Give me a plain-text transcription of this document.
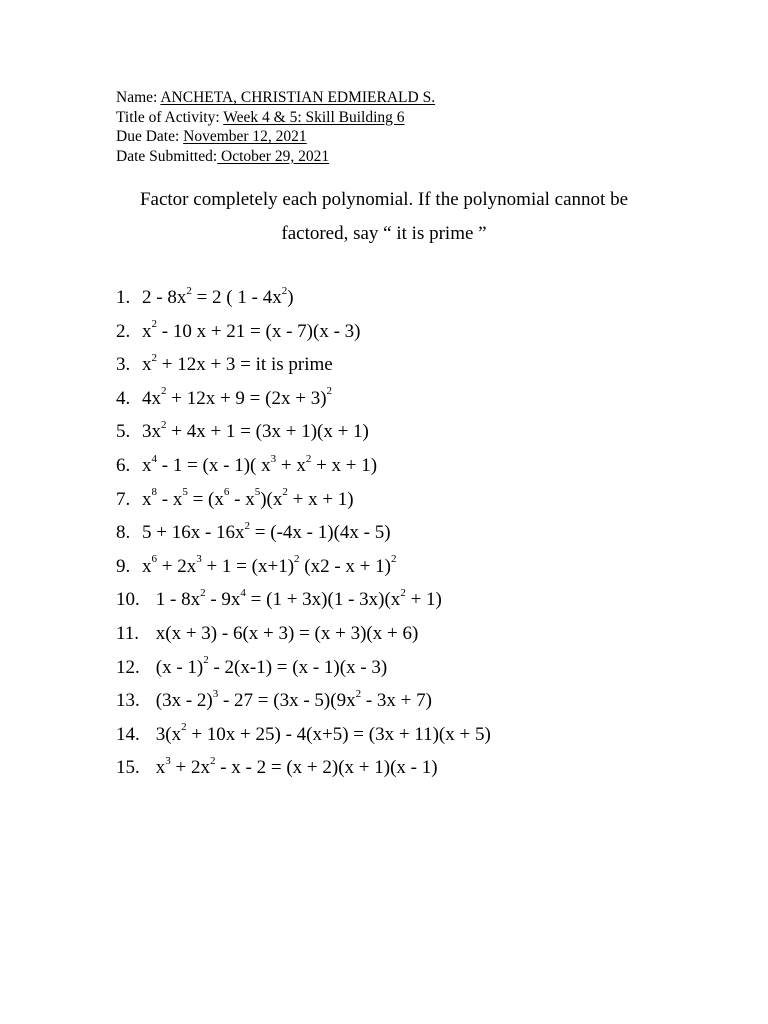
Name: ANCHETA, CHRISTIAN EDMIERALD S.
Title of Activity: Week 4 & 5: Skill Building 6
Due Date: November 12, 2021
Date Submitted: October 29, 2021
Factor completely each polynomial. If the polynomial cannot be
factored, say “ it is prime ”
1. $2 - 8x^2 = 2$ ( $1 - 4x^2$)
2. $x^2 - 10$ x + 21 = (x - 7)(x - 3)
3. $x^2 + 12x + 3$ = it is prime
4. $4x^2 + 12x + 9 = (2x + 3)^2$
5. $3x^2 + 4x + 1 = (3x + 1)(x + 1)$
6. $x^4 - 1 = (x - 1)$( $x^3 + x^2 + x + 1$)
7. $x^8 - x^5 = (x^6 - x^5)(x^2 + x + 1)$
8. $5 + 16x - 16x^2 = (-4x - 1)(4x - 5)$
9. $x^6 + 2x^3 + 1 = (x+1)^2$ $(x2 - x + 1)^2$
10. $1 - 8x^2 - 9x^4 = (1 + 3x)(1 - 3x)(x^2 + 1)$
11. x(x + 3) - 6(x + 3) = (x + 3)(x + 6)
12. (x - 1)$^2$ - 2(x-1) = (x - 1)(x - 3)
13. $(3x - 2)^3 - 27 = (3x - 5)(9x^2 - 3x + 7)$
14. $3(x^2 + 10x + 25) - 4(x+5) = (3x + 11)(x + 5)$
15. $x^3 + 2x^2 - x - 2 = (x + 2)(x + 1)(x - 1)$
